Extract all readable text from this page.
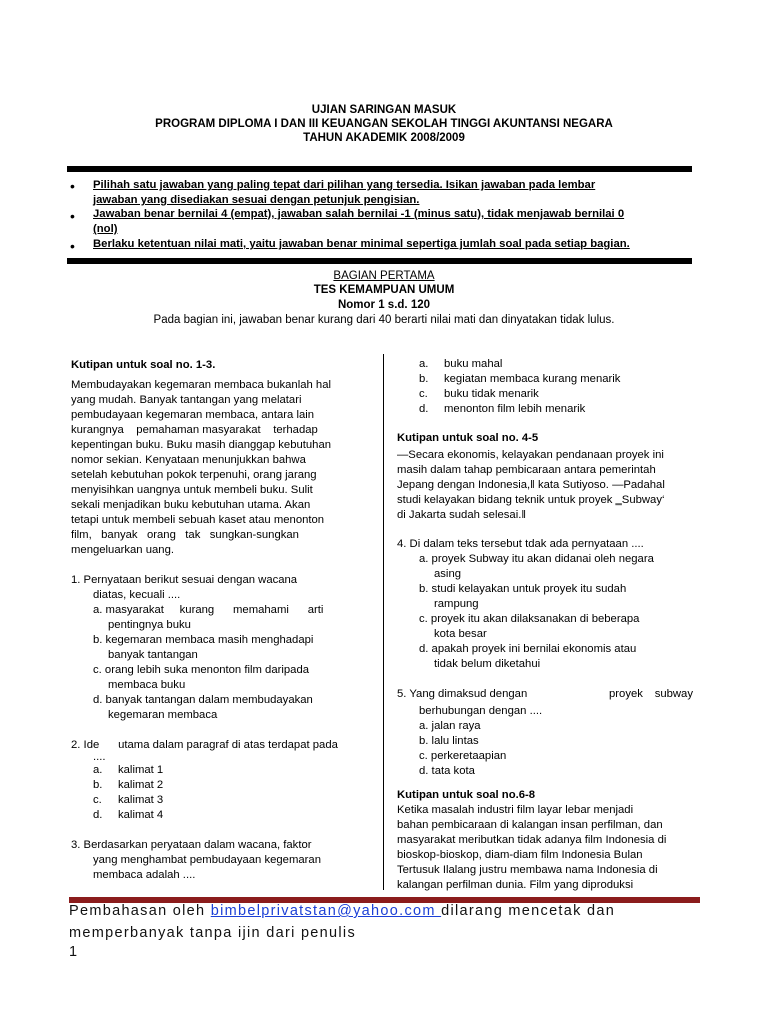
UJIAN SARINGAN MASUK
PROGRAM DIPLOMA I DAN III KEUANGAN SEKOLAH TINGGI AKUNTANSI NEGARA
TAHUN AKADEMIK 2008/2009
• Pilihah satu jawaban yang paling tepat dari pilihan yang tersedia. Isikan jawaban pada lembar
jawaban yang disediakan sesuai dengan petunjuk pengisian.
• Jawaban benar bernilai 4 (empat), jawaban salah bernilai -1 (minus satu), tidak menjawab bernilai 0
(nol)
• Berlaku ketentuan nilai mati, yaitu jawaban benar minimal sepertiga jumlah soal pada setiap bagian.
BAGIAN PERTAMA
TES KEMAMPUAN UMUM
Nomor 1 s.d. 120
Pada bagian ini, jawaban benar kurang dari 40 berarti nilai mati dan dinyatakan tidak lulus.
Kutipan untuk soal no. 1-3.
Membudayakan kegemaran membaca bukanlah hal
yang mudah. Banyak tantangan yang melatari
pembudayaan kegemaran membaca, antara lain
kurangnya    pemahaman masyarakat    terhadap
kepentingan buku. Buku masih dianggap kebutuhan
nomor sekian. Kenyataan menunjukkan bahwa
setelah kebutuhan pokok terpenuhi, orang jarang
menyisihkan uangnya untuk membeli buku. Sulit
sekali menjadikan buku kebutuhan utama. Akan
tetapi untuk membeli sebuah kaset atau menonton
film,   banyak   orang   tak   sungkan-sungkan
mengeluarkan uang.
1. Pernyataan berikut sesuai dengan wacana
diatas, kecuali ....
a. masyarakat     kurang      memahami      arti
pentingnya buku
b. kegemaran membaca masih menghadapi
banyak tantangan
c. orang lebih suka menonton film daripada
membaca buku
d. banyak tantangan dalam membudayakan
kegemaran membaca
2. Ide      utama dalam paragraf di atas terdapat pada
....
a.	kalimat 1
b.	kalimat 2
c.	kalimat 3
d.	kalimat 4
3. Berdasarkan peryataan dalam wacana, faktor
yang menghambat pembudayaan kegemaran
membaca adalah ....
a.	buku mahal
b.	kegiatan membaca kurang menarik
c.	buku tidak menarik
d.	menonton film lebih menarik
Kutipan untuk soal no. 4-5
―Secara ekonomis, kelayakan pendanaan proyek ini
masih dalam tahap pembicaraan antara pemerintah
Jepang dengan Indonesia,‖ kata Sutiyoso. ―Padahal
studi kelayakan bidang teknik untuk proyek ‗Subway‘
di Jakarta sudah selesai.‖
4. Di dalam teks tersebut tdak ada pernyataan ....
a. proyek Subway itu akan didanai oleh negara
asing
b. studi kelayakan untuk proyek itu sudah
rampung
c. proyek itu akan dilaksanakan di beberapa
kota besar
d. apakah proyek ini bernilai ekonomis atau
tidak belum diketahui
5. Yang dimaksud dengan	proyek subway
berhubungan dengan ....
a. jalan raya
b. lalu lintas
c. perkeretaapian
d. tata kota
Kutipan untuk soal no.6-8
Ketika masalah industri film layar lebar menjadi
bahan pembicaraan di kalangan insan perfilman, dan
masyarakat meributkan tidak adanya film Indonesia di
bioskop-bioskop, diam-diam film Indonesia Bulan
Tertusuk Ilalang justru membawa nama Indonesia di
kalangan perfilman dunia. Film yang diproduksi
Pembahasan oleh bimbelprivatstan@yahoo.com dilarang mencetak dan
memperbanyak tanpa ijin dari penulis
1
